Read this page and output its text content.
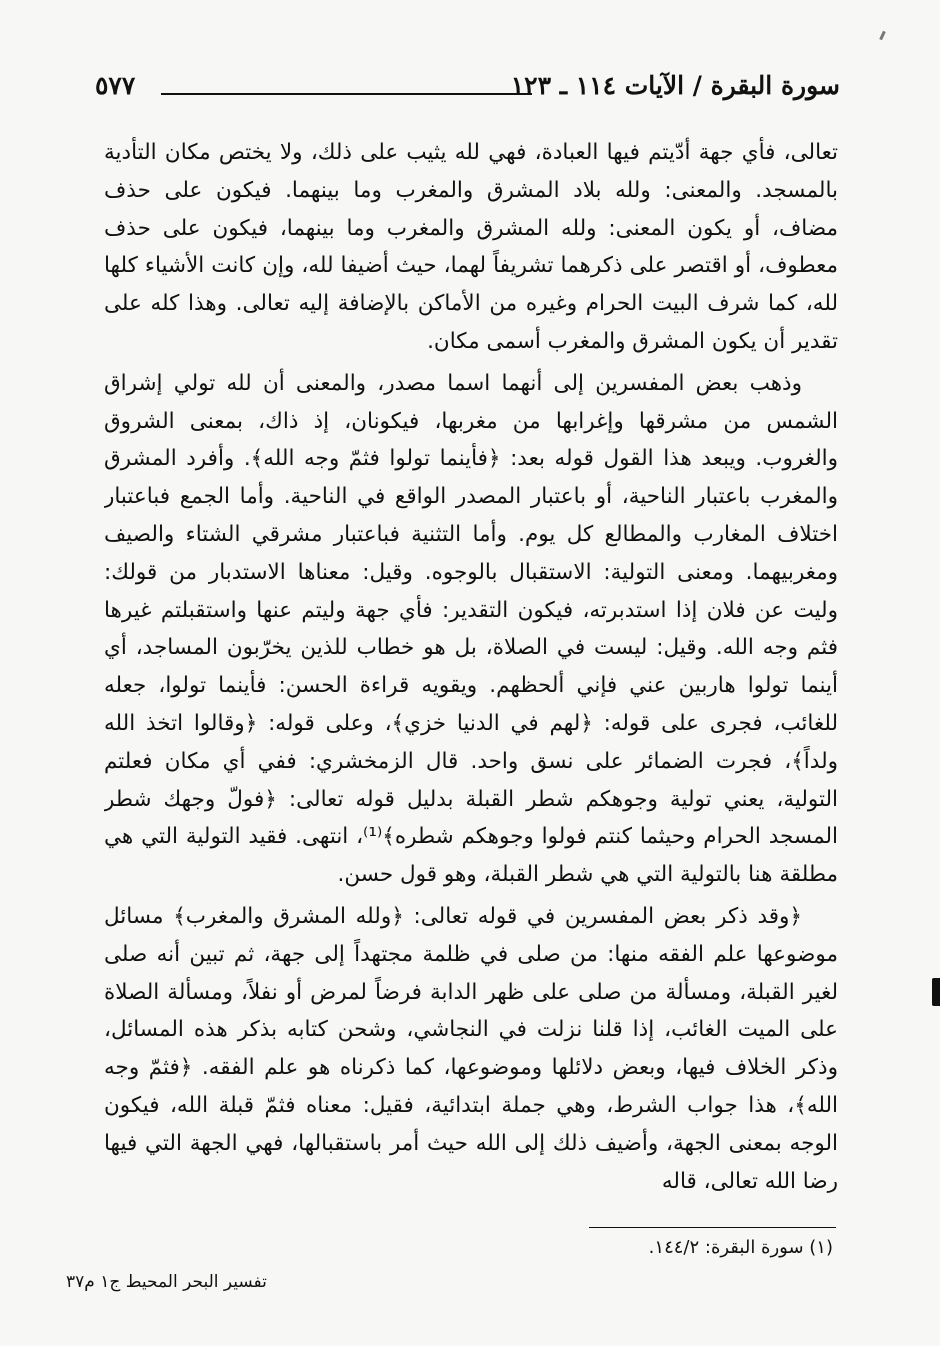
سورة البقرة / الآيات ١١٤ ـ ١٢٣
٥٧٧

تعالى، فأي جهة أدّيتم فيها العبادة، فهي لله يثيب على ذلك، ولا يختص مكان التأدية بالمسجد. والمعنى: ولله بلاد المشرق والمغرب وما بينهما. فيكون على حذف مضاف، أو يكون المعنى: ولله المشرق والمغرب وما بينهما، فيكون على حذف معطوف، أو اقتصر على ذكرهما تشريفاً لهما، حيث أضيفا لله، وإن كانت الأشياء كلها لله، كما شرف البيت الحرام وغيره من الأماكن بالإضافة إليه تعالى. وهذا كله على تقدير أن يكون المشرق والمغرب أسمى مكان.

وذهب بعض المفسرين إلى أنهما اسما مصدر، والمعنى أن لله تولي إشراق الشمس من مشرقها وإغرابها من مغربها، فيكونان، إذ ذاك، بمعنى الشروق والغروب. ويبعد هذا القول قوله بعد: ﴿فأينما تولوا فثمّ وجه الله﴾. وأفرد المشرق والمغرب باعتبار الناحية، أو باعتبار المصدر الواقع في الناحية. وأما الجمع فباعتبار اختلاف المغارب والمطالع كل يوم. وأما التثنية فباعتبار مشرقي الشتاء والصيف ومغربيهما. ومعنى التولية: الاستقبال بالوجوه. وقيل: معناها الاستدبار من قولك: وليت عن فلان إذا استدبرته، فيكون التقدير: فأي جهة وليتم عنها واستقبلتم غيرها فثم وجه الله. وقيل: ليست في الصلاة، بل هو خطاب للذين يخرّبون المساجد، أي أينما تولوا هاربين عني فإني ألحظهم. ويقويه قراءة الحسن: فأينما تولوا، جعله للغائب، فجرى على قوله: ﴿لهم في الدنيا خزي﴾، وعلى قوله: ﴿وقالوا اتخذ الله ولداً﴾، فجرت الضمائر على نسق واحد. قال الزمخشري: ففي أي مكان فعلتم التولية، يعني تولية وجوهكم شطر القبلة بدليل قوله تعالى: ﴿فولّ وجهك شطر المسجد الحرام وحيثما كنتم فولوا وجوهكم شطره﴾⁽¹⁾، انتهى. فقيد التولية التي هي مطلقة هنا بالتولية التي هي شطر القبلة، وهو قول حسن.

﴿وقد ذكر بعض المفسرين في قوله تعالى: ﴿ولله المشرق والمغرب﴾ مسائل موضوعها علم الفقه منها: من صلى في ظلمة مجتهداً إلى جهة، ثم تبين أنه صلى لغير القبلة، ومسألة من صلى على ظهر الدابة فرضاً لمرض أو نفلاً، ومسألة الصلاة على الميت الغائب، إذا قلنا نزلت في النجاشي، وشحن كتابه بذكر هذه المسائل، وذكر الخلاف فيها، وبعض دلائلها وموضوعها، كما ذكرناه هو علم الفقه. ﴿فثمّ وجه الله﴾، هذا جواب الشرط، وهي جملة ابتدائية، فقيل: معناه فثمّ قبلة الله، فيكون الوجه بمعنى الجهة، وأضيف ذلك إلى الله حيث أمر باستقبالها، فهي الجهة التي فيها رضا الله تعالى، قاله

(١) سورة البقرة: ١٤٤/٢.
تفسير البحر المحيط ج١ م٣٧
